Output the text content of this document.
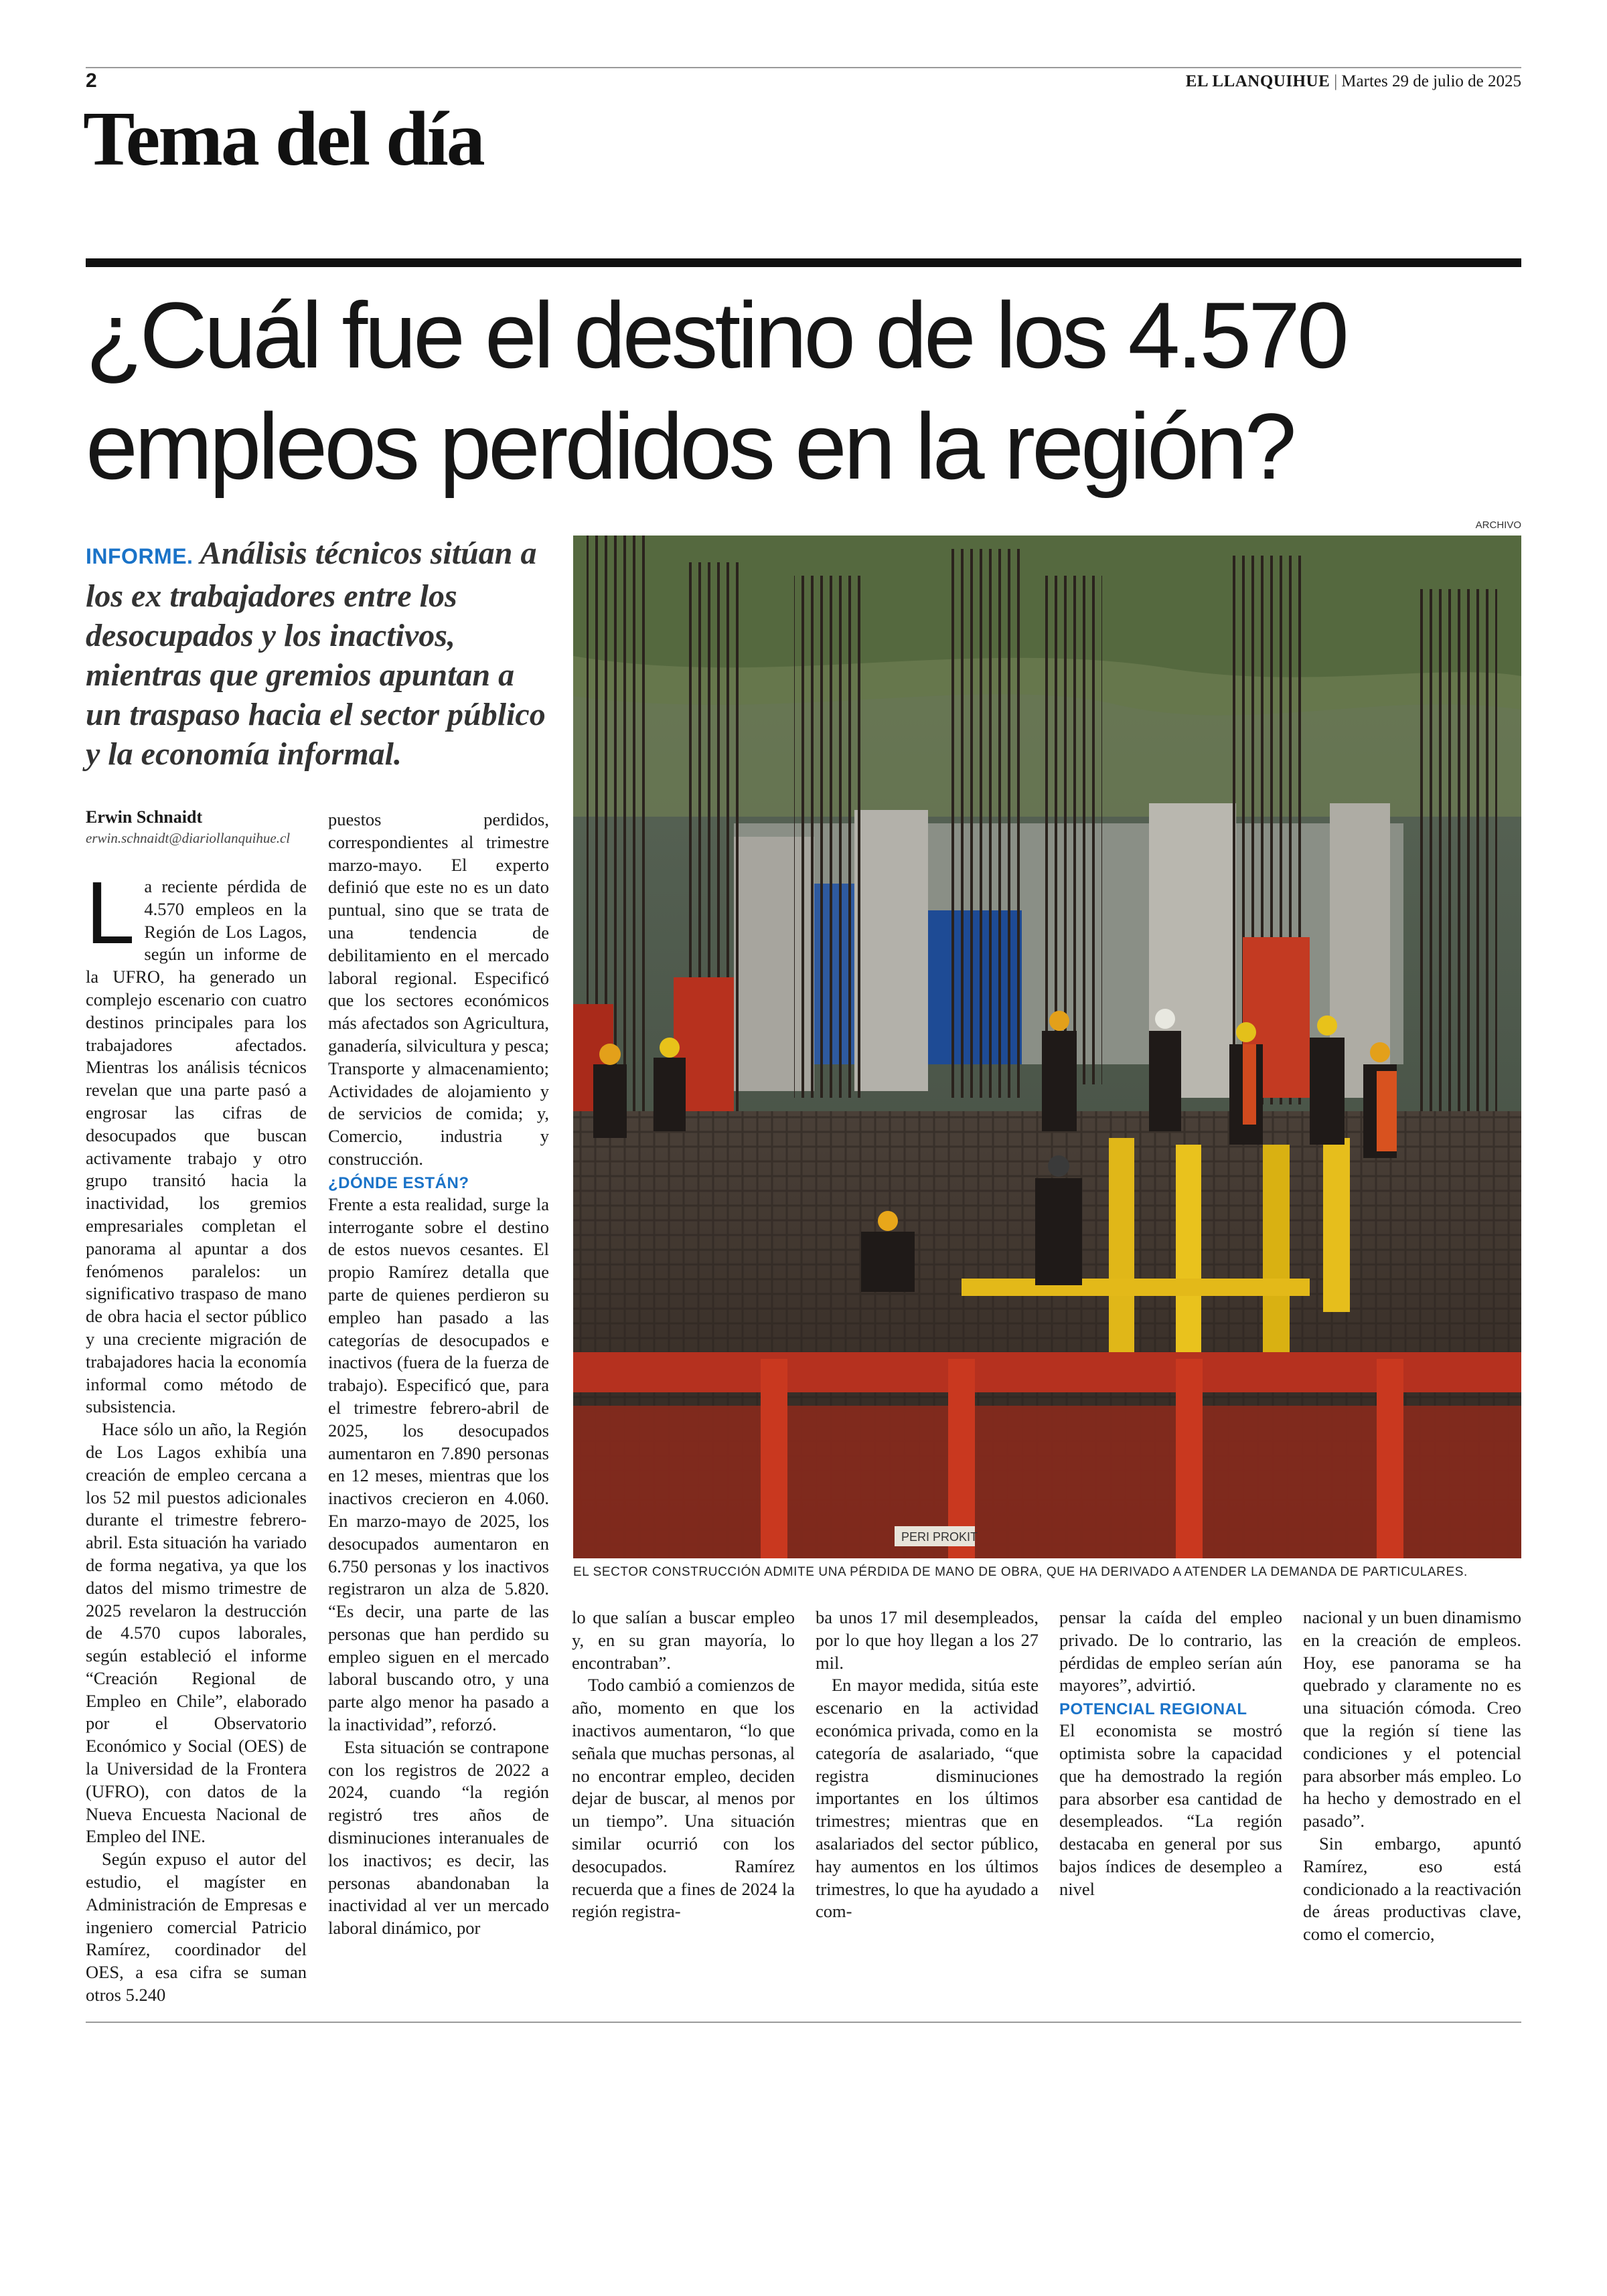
2	EL LLANQUIHUE | Martes 29 de julio de 2025
Tema del día
¿Cuál fue el destino de los 4.570
empleos perdidos en la región?
INFORME. Análisis técnicos sitúan a los ex trabajadores entre los desocupados y los inactivos, mientras que gremios apuntan a un traspaso hacia el sector público y la economía informal.
Erwin Schnaidt
erwin.schnaidt@diariollanquihue.cl

La reciente pérdida de 4.570 empleos en la Región de Los Lagos, según un informe de la UFRO, ha generado un complejo escenario con cuatro destinos principales para los trabajadores afectados. Mientras los análisis técnicos revelan que una parte pasó a engrosar las cifras de desocupados que buscan activamente trabajo y otro grupo transitó hacia la inactividad, los gremios empresariales completan el panorama al apuntar a dos fenómenos paralelos: un significativo traspaso de mano de obra hacia el sector público y una creciente migración de trabajadores hacia la economía informal como método de subsistencia.

Hace sólo un año, la Región de Los Lagos exhibía una creación de empleo cercana a los 52 mil puestos adicionales durante el trimestre febrero-abril. Esta situación ha variado de forma negativa, ya que los datos del mismo trimestre de 2025 revelaron la destrucción de 4.570 cupos laborales, según estableció el informe “Creación Regional de Empleo en Chile”, elaborado por el Observatorio Económico y Social (OES) de la Universidad de la Frontera (UFRO), con datos de la Nueva Encuesta Nacional de Empleo del INE.

Según expuso el autor del estudio, el magíster en Administración de Empresas e ingeniero comercial Patricio Ramírez, coordinador del OES, a esa cifra se suman otros 5.240

puestos perdidos, correspondientes al trimestre marzo-mayo. El experto definió que este no es un dato puntual, sino que se trata de una tendencia de debilitamiento en el mercado laboral regional. Especificó que los sectores económicos más afectados son Agricultura, ganadería, silvicultura y pesca; Transporte y almacenamiento; Actividades de alojamiento y de servicios de comida; y, Comercio, industria y construcción.

¿DÓNDE ESTÁN?

Frente a esta realidad, surge la interrogante sobre el destino de estos nuevos cesantes. El propio Ramírez detalla que parte de quienes perdieron su empleo han pasado a las categorías de desocupados e inactivos (fuera de la fuerza de trabajo). Especificó que, para el trimestre febrero-abril de 2025, los desocupados aumentaron en 7.890 personas en 12 meses, mientras que los inactivos crecieron en 4.060. En marzo-mayo de 2025, los desocupados aumentaron en 6.750 personas y los inactivos registraron un alza de 5.820. “Es decir, una parte de las personas que han perdido su empleo siguen en el mercado laboral buscando otro, y una parte algo menor ha pasado a la inactividad”, reforzó.

Esta situación se contrapone con los registros de 2022 a 2024, cuando “la región registró tres años de disminuciones interanuales de los inactivos; es decir, las personas abandonaban la inactividad al ver un mercado laboral dinámico, por

ARCHIVO
PERI PROKIT
EL SECTOR CONSTRUCCIÓN ADMITE UNA PÉRDIDA DE MANO DE OBRA, QUE HA DERIVADO A ATENDER LA DEMANDA DE PARTICULARES.

lo que salían a buscar empleo y, en su gran mayoría, lo encontraban”.

Todo cambió a comienzos de año, momento en que los inactivos aumentaron, “lo que señala que muchas personas, al no encontrar empleo, deciden dejar de buscar, al menos por un tiempo”. Una situación similar ocurrió con los desocupados. Ramírez recuerda que a fines de 2024 la región registra-

ba unos 17 mil desempleados, por lo que hoy llegan a los 27 mil.

En mayor medida, sitúa este escenario en la actividad económica privada, como en la categoría de asalariado, “que registra disminuciones importantes en los últimos trimestres; mientras que en asalariados del sector público, hay aumentos en los últimos trimestres, lo que ha ayudado a com-

pensar la caída del empleo privado. De lo contrario, las pérdidas de empleo serían aún mayores”, advirtió.

POTENCIAL REGIONAL

El economista se mostró optimista sobre la capacidad que ha demostrado la región para absorber esa cantidad de desempleados. “La región destacaba en general por sus bajos índices de desempleo a nivel

nacional y un buen dinamismo en la creación de empleos. Hoy, ese panorama se ha quebrado y claramente no es una situación cómoda. Creo que la región sí tiene las condiciones y el potencial para absorber más empleo. Lo ha hecho y demostrado en el pasado”.

Sin embargo, apuntó Ramírez, eso está condicionado a la reactivación de áreas productivas clave, como el comercio,
